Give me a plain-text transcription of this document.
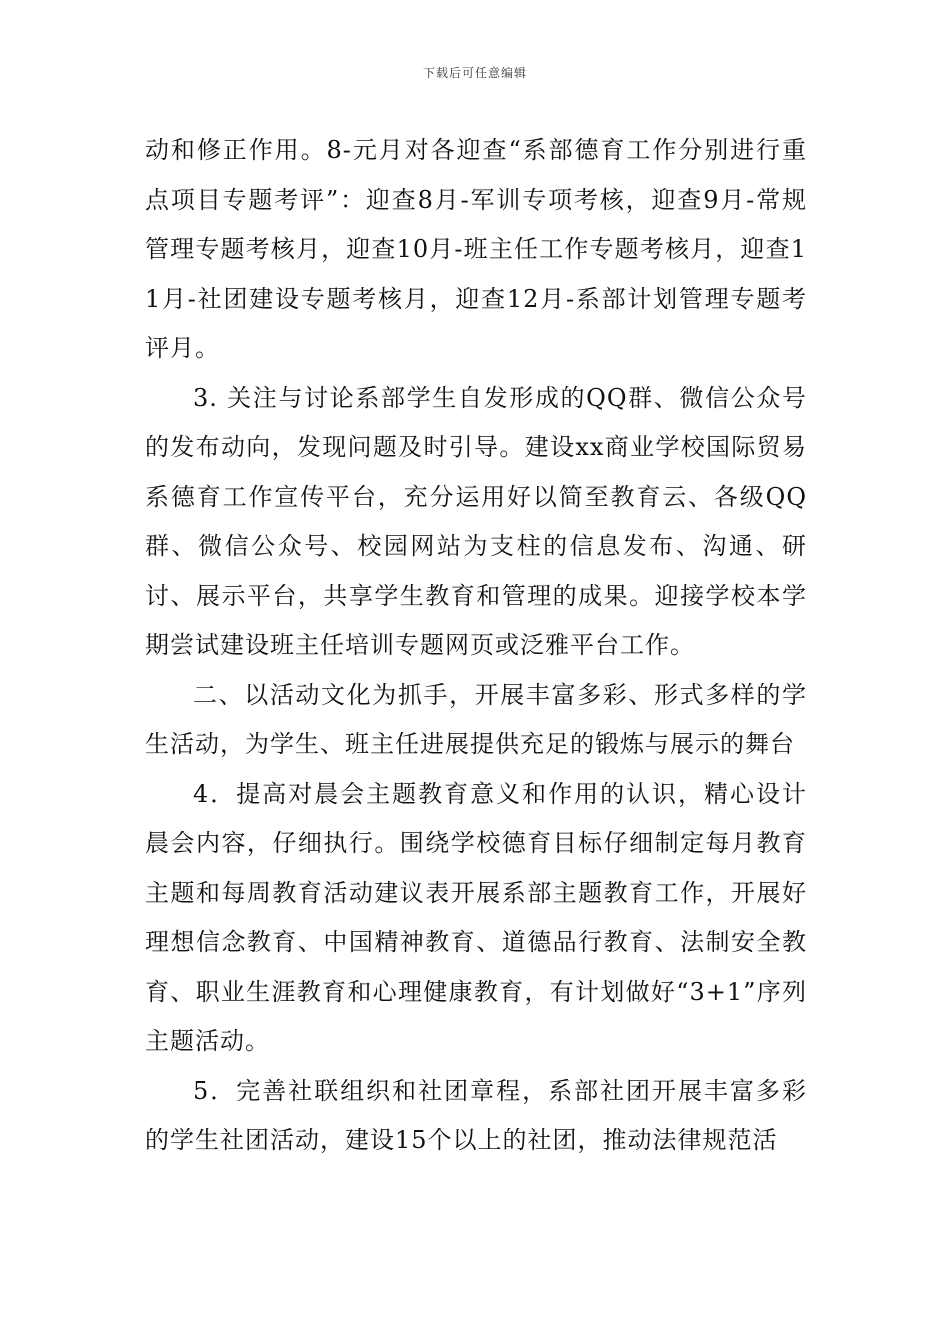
下载后可任意编辑

动和修正作用。8-元月对各迎查“系部德育工作分别进行重点项目专题考评”：迎查8月-军训专项考核，迎查9月-常规管理专题考核月，迎查10月-班主任工作专题考核月，迎查11月-社团建设专题考核月，迎查12月-系部计划管理专题考评月。

3. 关注与讨论系部学生自发形成的QQ群、微信公众号的发布动向，发现问题及时引导。建设xx商业学校国际贸易系德育工作宣传平台，充分运用好以简至教育云、各级QQ群、微信公众号、校园网站为支柱的信息发布、沟通、研讨、展示平台，共享学生教育和管理的成果。迎接学校本学期尝试建设班主任培训专题网页或泛雅平台工作。

二、以活动文化为抓手，开展丰富多彩、形式多样的学生活动，为学生、班主任进展提供充足的锻炼与展示的舞台

4．提高对晨会主题教育意义和作用的认识，精心设计晨会内容，仔细执行。围绕学校德育目标仔细制定每月教育主题和每周教育活动建议表开展系部主题教育工作，开展好理想信念教育、中国精神教育、道德品行教育、法制安全教育、职业生涯教育和心理健康教育，有计划做好“3+1”序列主题活动。

5．完善社联组织和社团章程，系部社团开展丰富多彩的学生社团活动，建设15个以上的社团，推动法律规范活
